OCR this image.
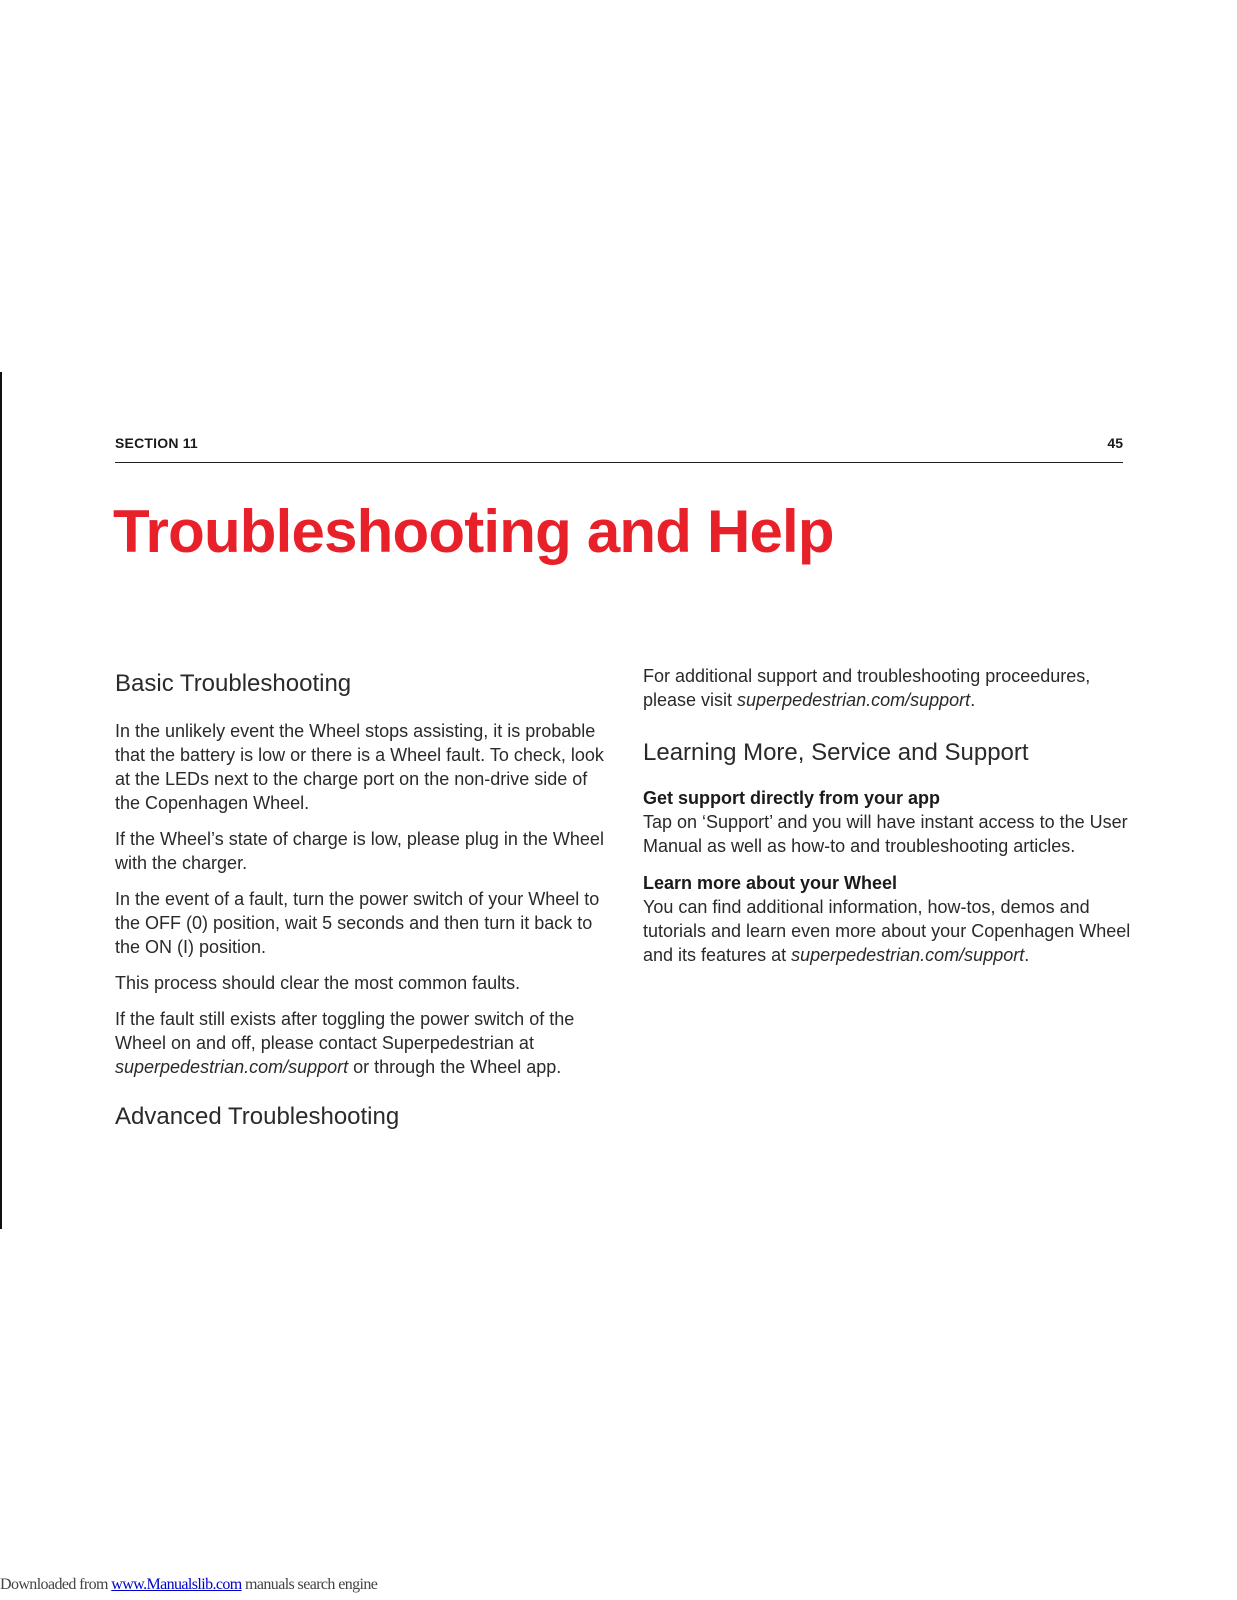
SECTION 11	45
Troubleshooting and Help
Basic Troubleshooting

In the unlikely event the Wheel stops assisting, it is probable that the battery is low or there is a Wheel fault. To check, look at the LEDs next to the charge port on the non-drive side of the Copenhagen Wheel.

If the Wheel’s state of charge is low, please plug in the Wheel with the charger.

In the event of a fault, turn the power switch of your Wheel to the OFF (0) position, wait 5 seconds and then turn it back to the ON (I) position.

This process should clear the most common faults.

If the fault still exists after toggling the power switch of the Wheel on and off, please contact Superpedestrian at superpedestrian.com/support or through the Wheel app.

Advanced Troubleshooting

For additional support and troubleshooting proceedures, please visit superpedestrian.com/support.

Learning More, Service and Support

Get support directly from your app

Tap on ‘Support’ and you will have instant access to the User Manual as well as how-to and troubleshooting articles.

Learn more about your Wheel

You can find additional information, how-tos, demos and tutorials and learn even more about your Copenhagen Wheel and its features at superpedestrian.com/support.

Downloaded from www.Manualslib.com manuals search engine
